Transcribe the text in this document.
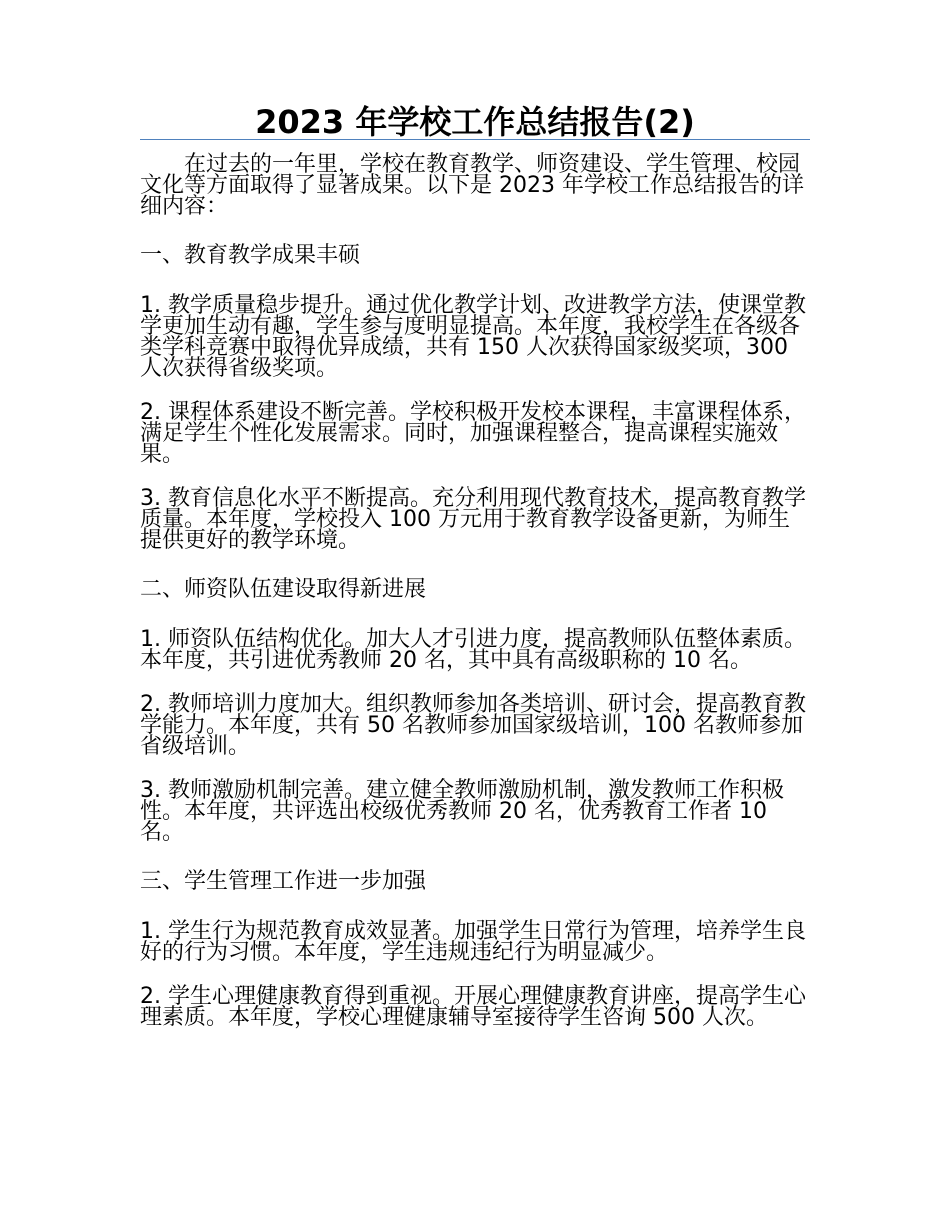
2023 年学校工作总结报告(2)

在过去的一年里，学校在教育教学、师资建设、学生管理、校园文化等方面取得了显著成果。以下是 2023 年学校工作总结报告的详细内容：

一、教育教学成果丰硕

1. 教学质量稳步提升。通过优化教学计划、改进教学方法，使课堂教学更加生动有趣，学生参与度明显提高。本年度，我校学生在各级各类学科竞赛中取得优异成绩，共有 150 人次获得国家级奖项，300 人次获得省级奖项。

2. 课程体系建设不断完善。学校积极开发校本课程，丰富课程体系，满足学生个性化发展需求。同时，加强课程整合，提高课程实施效果。

3. 教育信息化水平不断提高。充分利用现代教育技术，提高教育教学质量。本年度，学校投入 100 万元用于教育教学设备更新，为师生提供更好的教学环境。

二、师资队伍建设取得新进展

1. 师资队伍结构优化。加大人才引进力度，提高教师队伍整体素质。本年度，共引进优秀教师 20 名，其中具有高级职称的 10 名。

2. 教师培训力度加大。组织教师参加各类培训、研讨会，提高教育教学能力。本年度，共有 50 名教师参加国家级培训，100 名教师参加省级培训。

3. 教师激励机制完善。建立健全教师激励机制，激发教师工作积极性。本年度，共评选出校级优秀教师 20 名，优秀教育工作者 10 名。

三、学生管理工作进一步加强

1. 学生行为规范教育成效显著。加强学生日常行为管理，培养学生良好的行为习惯。本年度，学生违规违纪行为明显减少。

2. 学生心理健康教育得到重视。开展心理健康教育讲座，提高学生心理素质。本年度，学校心理健康辅导室接待学生咨询 500 人次。
